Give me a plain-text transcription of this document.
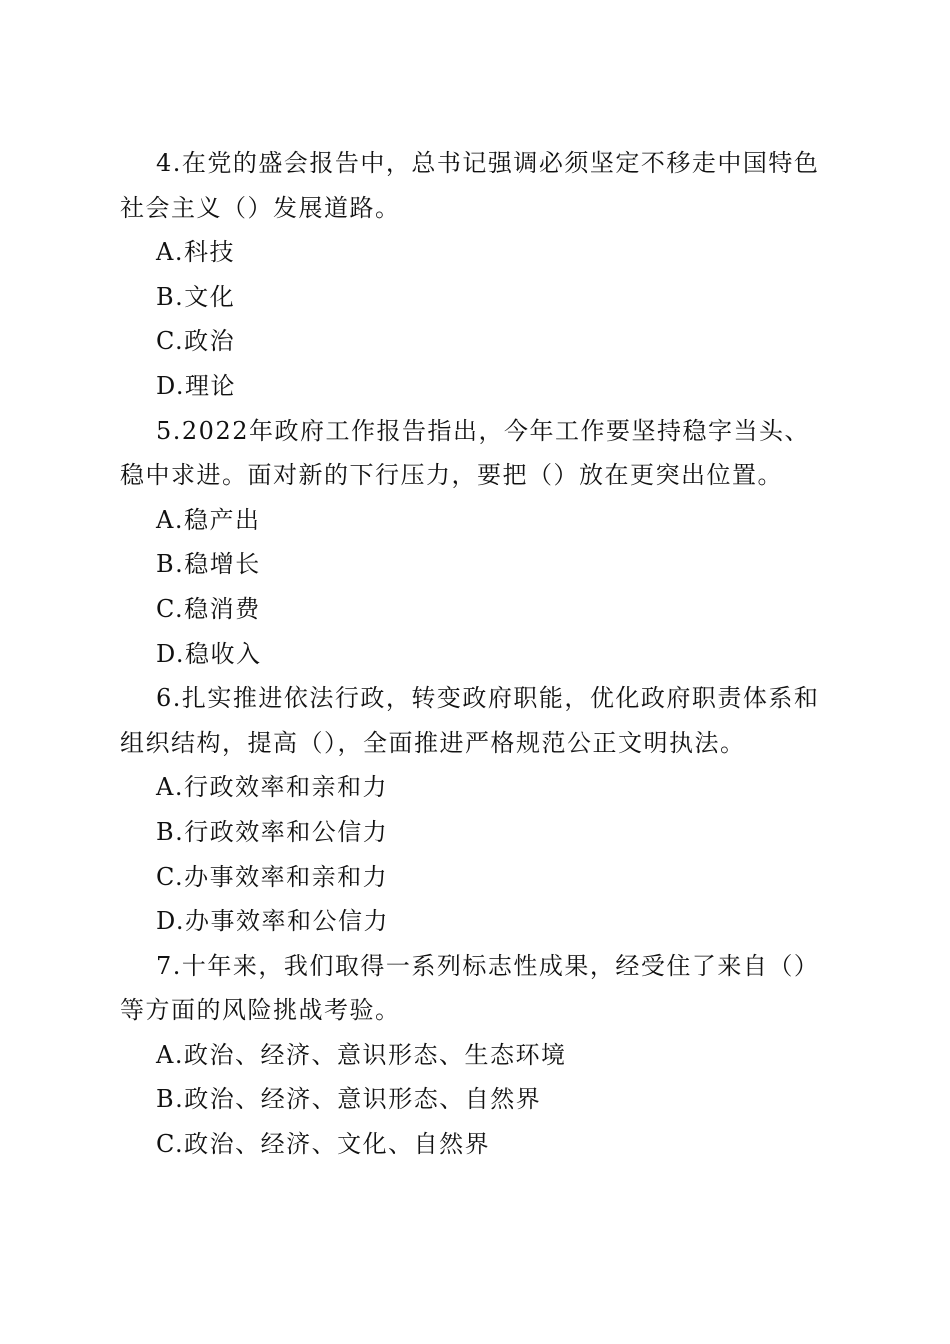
4.在党的盛会报告中，总书记强调必须坚定不移走中国特色
社会主义（）发展道路。
A.科技
B.文化
C.政治
D.理论
5.2022年政府工作报告指出，今年工作要坚持稳字当头、
稳中求进。面对新的下行压力，要把（）放在更突出位置。
A.稳产出
B.稳增长
C.稳消费
D.稳收入
6.扎实推进依法行政，转变政府职能，优化政府职责体系和
组织结构，提高（），全面推进严格规范公正文明执法。
A.行政效率和亲和力
B.行政效率和公信力
C.办事效率和亲和力
D.办事效率和公信力
7.十年来，我们取得一系列标志性成果，经受住了来自（）
等方面的风险挑战考验。
A.政治、经济、意识形态、生态环境
B.政治、经济、意识形态、自然界
C.政治、经济、文化、自然界
